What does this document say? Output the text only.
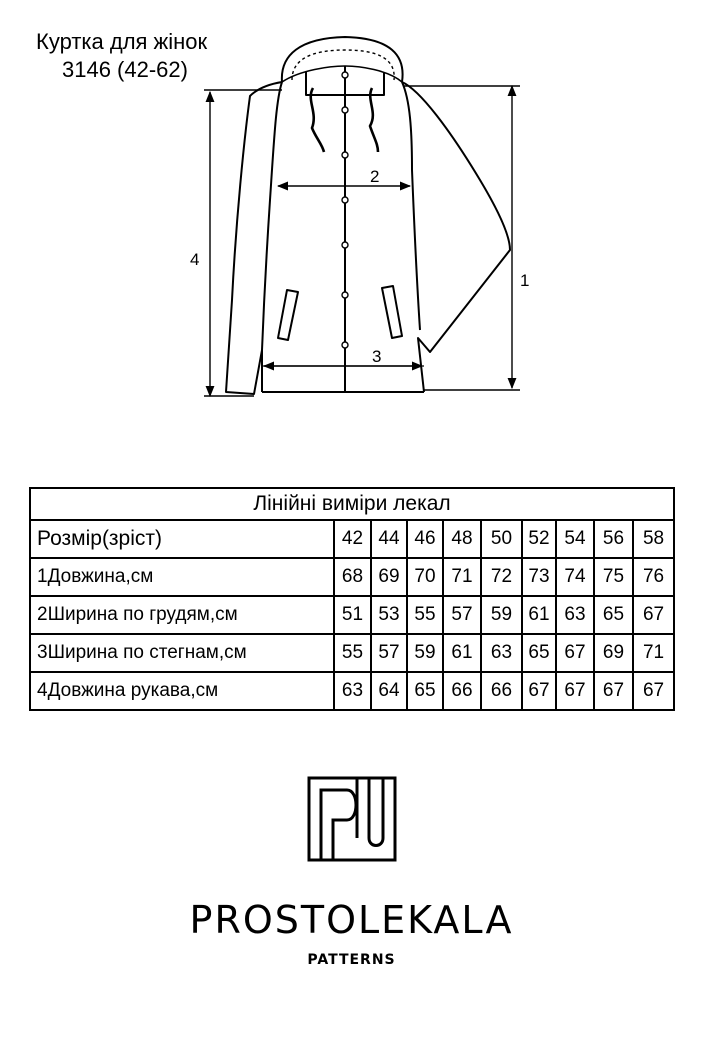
Куртка для жінок
3146 (42-62)
1
2
3
4
Лінійні виміри лекал									
Розмір(зріст)	42	44	46	48	50	52	54	56	58
1Довжина,см	68	69	70	71	72	73	74	75	76
2Ширина по грудям,см	51	53	55	57	59	61	63	65	67
3Ширина по стегнам,см	55	57	59	61	63	65	67	69	71
4Довжина рукава,см	63	64	65	66	66	67	67	67	67
PROSTOLEKALA
PATTERNS
